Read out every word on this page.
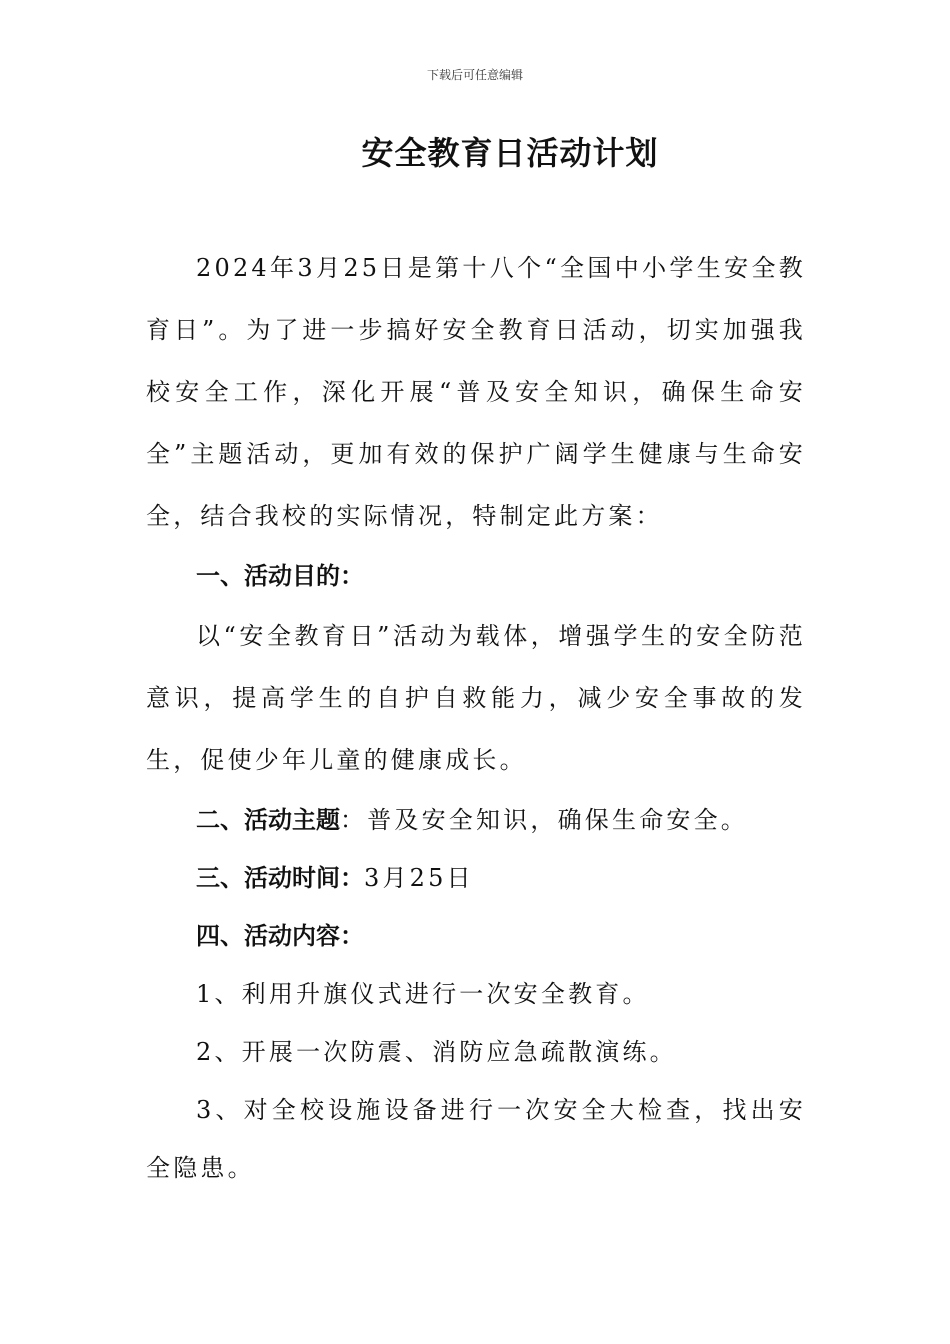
下载后可任意编辑
安全教育日活动计划

2024年3月25日是第十八个“全国中小学生安全教育日”。为了进一步搞好安全教育日活动，切实加强我校安全工作，深化开展“普及安全知识，确保生命安全”主题活动，更加有效的保护广阔学生健康与生命安全，结合我校的实际情况，特制定此方案：

一、活动目的：

以“安全教育日”活动为载体，增强学生的安全防范意识，提高学生的自护自救能力，减少安全事故的发生，促使少年儿童的健康成长。

二、活动主题：普及安全知识，确保生命安全。

三、活动时间：3月25日

四、活动内容：

1、利用升旗仪式进行一次安全教育。

2、开展一次防震、消防应急疏散演练。

3、对全校设施设备进行一次安全大检查，找出安全隐患。
